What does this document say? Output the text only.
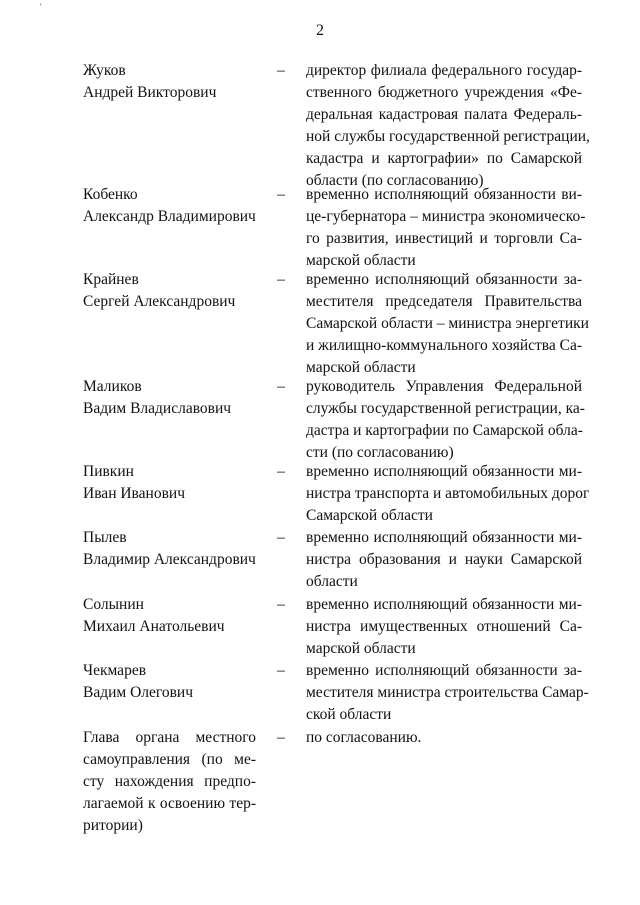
'
2
Жуков
Андрей Викторович
– директор филиала федерального государ-
ственного бюджетного учреждения «Фе-
деральная кадастровая палата Федераль-
ной службы государственной регистрации,
кадастра и картографии» по Самарской
области (по согласованию)
Кобенко
Александр Владимирович
– временно исполняющий обязанности ви-
це-губернатора – министра экономическо-
го развития, инвестиций и торговли Са-
марской области
Крайнев
Сергей Александрович
– временно исполняющий обязанности за-
местителя председателя Правительства
Самарской области – министра энергетики
и жилищно-коммунального хозяйства Са-
марской области
Маликов
Вадим Владиславович
– руководитель Управления Федеральной
службы государственной регистрации, ка-
дастра и картографии по Самарской обла-
сти (по согласованию)
Пивкин
Иван Иванович
– временно исполняющий обязанности ми-
нистра транспорта и автомобильных дорог
Самарской области
Пылев
Владимир Александрович
– временно исполняющий обязанности ми-
нистра образования и науки Самарской
области
Солынин
Михаил Анатольевич
– временно исполняющий обязанности ми-
нистра имущественных отношений Са-
марской области
Чекмарев
Вадим Олегович
– временно исполняющий обязанности за-
местителя министра строительства Самар-
ской области
Глава органа местного
самоуправления (по ме-
сту нахождения предпо-
лагаемой к освоению тер-
ритории)
– по согласованию.
